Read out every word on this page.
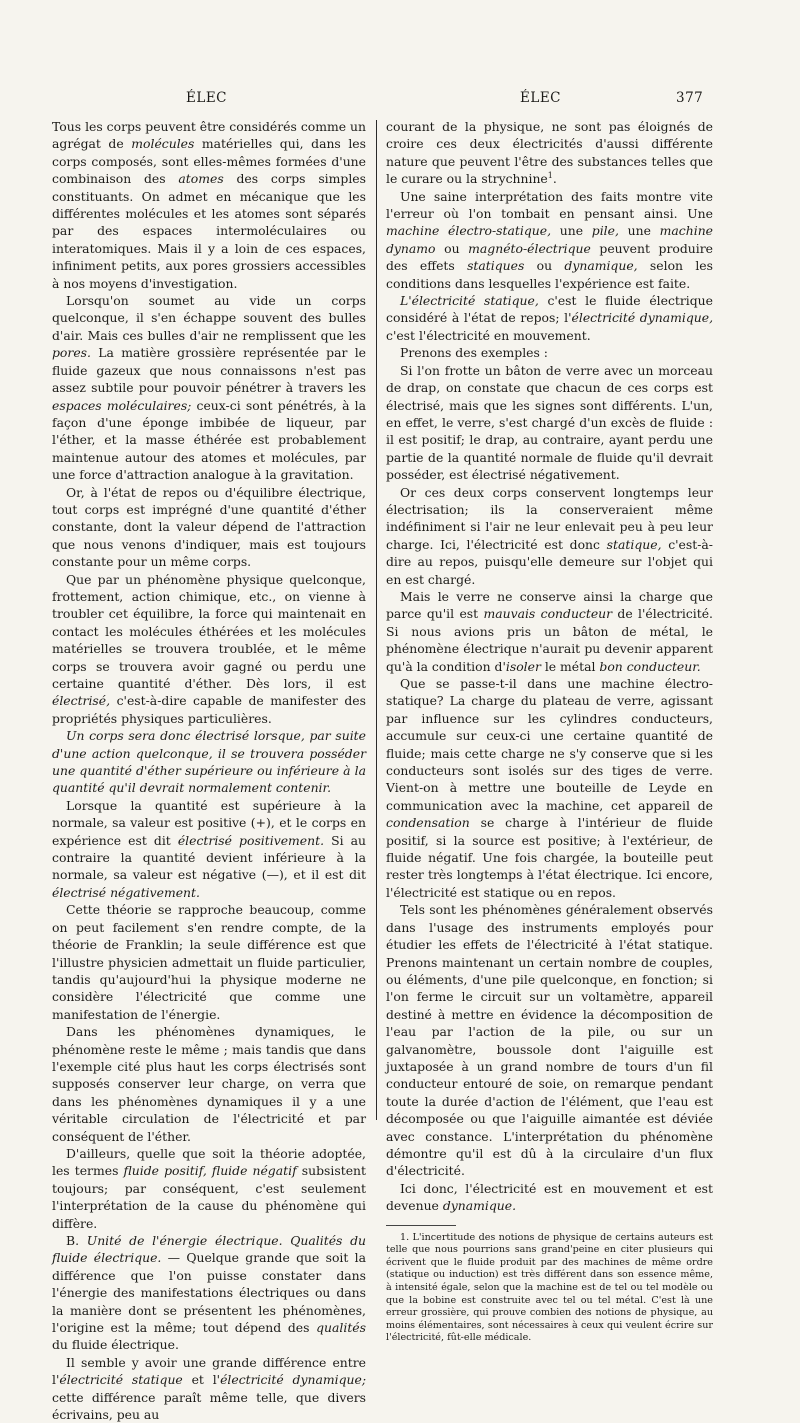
ÉLEC	ÉLEC	377

Tous les corps peuvent être considérés comme un agrégat de molécules matérielles qui, dans les corps composés, sont elles-mêmes formées d'une combinaison des atomes des corps simples constituants. On admet en mécanique que les différentes molécules et les atomes sont séparés par des espaces intermoléculaires ou interatomiques. Mais il y a loin de ces espaces, infiniment petits, aux pores grossiers accessibles à nos moyens d'investigation.

Lorsqu'on soumet au vide un corps quelconque, il s'en échappe souvent des bulles d'air. Mais ces bulles d'air ne remplissent que les pores. La matière grossière représentée par le fluide gazeux que nous connaissons n'est pas assez subtile pour pouvoir pénétrer à travers les espaces moléculaires; ceux-ci sont pénétrés, à la façon d'une éponge imbibée de liqueur, par l'éther, et la masse éthérée est probablement maintenue autour des atomes et molécules, par une force d'attraction analogue à la gravitation.

Or, à l'état de repos ou d'équilibre électrique, tout corps est imprégné d'une quantité d'éther constante, dont la valeur dépend de l'attraction que nous venons d'indiquer, mais est toujours constante pour un même corps.

Que par un phénomène physique quelconque, frottement, action chimique, etc., on vienne à troubler cet équilibre, la force qui maintenait en contact les molécules éthérées et les molécules matérielles se trouvera troublée, et le même corps se trouvera avoir gagné ou perdu une certaine quantité d'éther. Dès lors, il est électrisé, c'est-à-dire capable de manifester des propriétés physiques particulières.

Un corps sera donc électrisé lorsque, par suite d'une action quelconque, il se trouvera posséder une quantité d'éther supérieure ou inférieure à la quantité qu'il devrait normalement contenir.

Lorsque la quantité est supérieure à la normale, sa valeur est positive (+), et le corps en expérience est dit électrisé positivement. Si au contraire la quantité devient inférieure à la normale, sa valeur est négative (—), et il est dit électrisé négativement.

Cette théorie se rapproche beaucoup, comme on peut facilement s'en rendre compte, de la théorie de Franklin; la seule différence est que l'illustre physicien admettait un fluide particulier, tandis qu'aujourd'hui la physique moderne ne considère l'électricité que comme une manifestation de l'énergie.

Dans les phénomènes dynamiques, le phénomène reste le même ; mais tandis que dans l'exemple cité plus haut les corps électrisés sont supposés conserver leur charge, on verra que dans les phénomènes dynamiques il y a une véritable circulation de l'électricité et par conséquent de l'éther.

D'ailleurs, quelle que soit la théorie adoptée, les termes fluide positif, fluide négatif subsistent toujours; par conséquent, c'est seulement l'interprétation de la cause du phénomène qui diffère.

B. Unité de l'énergie électrique. Qualités du fluide électrique. — Quelque grande que soit la différence que l'on puisse constater dans l'énergie des manifestations électriques ou dans la manière dont se présentent les phénomènes, l'origine est la même; tout dépend des qualités du fluide électrique.

Il semble y avoir une grande différence entre l'électricité statique et l'électricité dynamique; cette différence paraît même telle, que divers écrivains, peu au

courant de la physique, ne sont pas éloignés de croire ces deux électricités d'aussi différente nature que peuvent l'être des substances telles que le curare ou la strychnine$^1$.

Une saine interprétation des faits montre vite l'erreur où l'on tombait en pensant ainsi. Une machine électro-statique, une pile, une machine dynamo ou magnéto-électrique peuvent produire des effets statiques ou dynamique, selon les conditions dans lesquelles l'expérience est faite.

L'électricité statique, c'est le fluide électrique considéré à l'état de repos; l'électricité dynamique, c'est l'électricité en mouvement.

Prenons des exemples :

Si l'on frotte un bâton de verre avec un morceau de drap, on constate que chacun de ces corps est électrisé, mais que les signes sont différents. L'un, en effet, le verre, s'est chargé d'un excès de fluide : il est positif; le drap, au contraire, ayant perdu une partie de la quantité normale de fluide qu'il devrait posséder, est électrisé négativement.

Or ces deux corps conservent longtemps leur électrisation; ils la conserveraient même indéfiniment si l'air ne leur enlevait peu à peu leur charge. Ici, l'électricité est donc statique, c'est-à-dire au repos, puisqu'elle demeure sur l'objet qui en est chargé.

Mais le verre ne conserve ainsi la charge que parce qu'il est mauvais conducteur de l'électricité. Si nous avions pris un bâton de métal, le phénomène électrique n'aurait pu devenir apparent qu'à la condition d'isoler le métal bon conducteur.

Que se passe-t-il dans une machine électro-statique? La charge du plateau de verre, agissant par influence sur les cylindres conducteurs, accumule sur ceux-ci une certaine quantité de fluide; mais cette charge ne s'y conserve que si les conducteurs sont isolés sur des tiges de verre. Vient-on à mettre une bouteille de Leyde en communication avec la machine, cet appareil de condensation se charge à l'intérieur de fluide positif, si la source est positive; à l'extérieur, de fluide négatif. Une fois chargée, la bouteille peut rester très longtemps à l'état électrique. Ici encore, l'électricité est statique ou en repos.

Tels sont les phénomènes généralement observés dans l'usage des instruments employés pour étudier les effets de l'électricité à l'état statique. Prenons maintenant un certain nombre de couples, ou éléments, d'une pile quelconque, en fonction; si l'on ferme le circuit sur un voltamètre, appareil destiné à mettre en évidence la décomposition de l'eau par l'action de la pile, ou sur un galvanomètre, boussole dont l'aiguille est juxtaposée à un grand nombre de tours d'un fil conducteur entouré de soie, on remarque pendant toute la durée d'action de l'élément, que l'eau est décomposée ou que l'aiguille aimantée est déviée avec constance. L'interprétation du phénomène démontre qu'il est dû à la circulaire d'un flux d'électricité.

Ici donc, l'électricité est en mouvement et est devenue dynamique.

1. L'incertitude des notions de physique de certains auteurs est telle que nous pourrions sans grand'peine en citer plusieurs qui écrivent que le fluide produit par des machines de même ordre (statique ou induction) est très différent dans son essence même, à intensité égale, selon que la machine est de tel ou tel modèle ou que la bobine est construite avec tel ou tel métal. C'est là une erreur grossière, qui prouve combien des notions de physique, au moins élémentaires, sont nécessaires à ceux qui veulent écrire sur l'électricité, fût-elle médicale.
